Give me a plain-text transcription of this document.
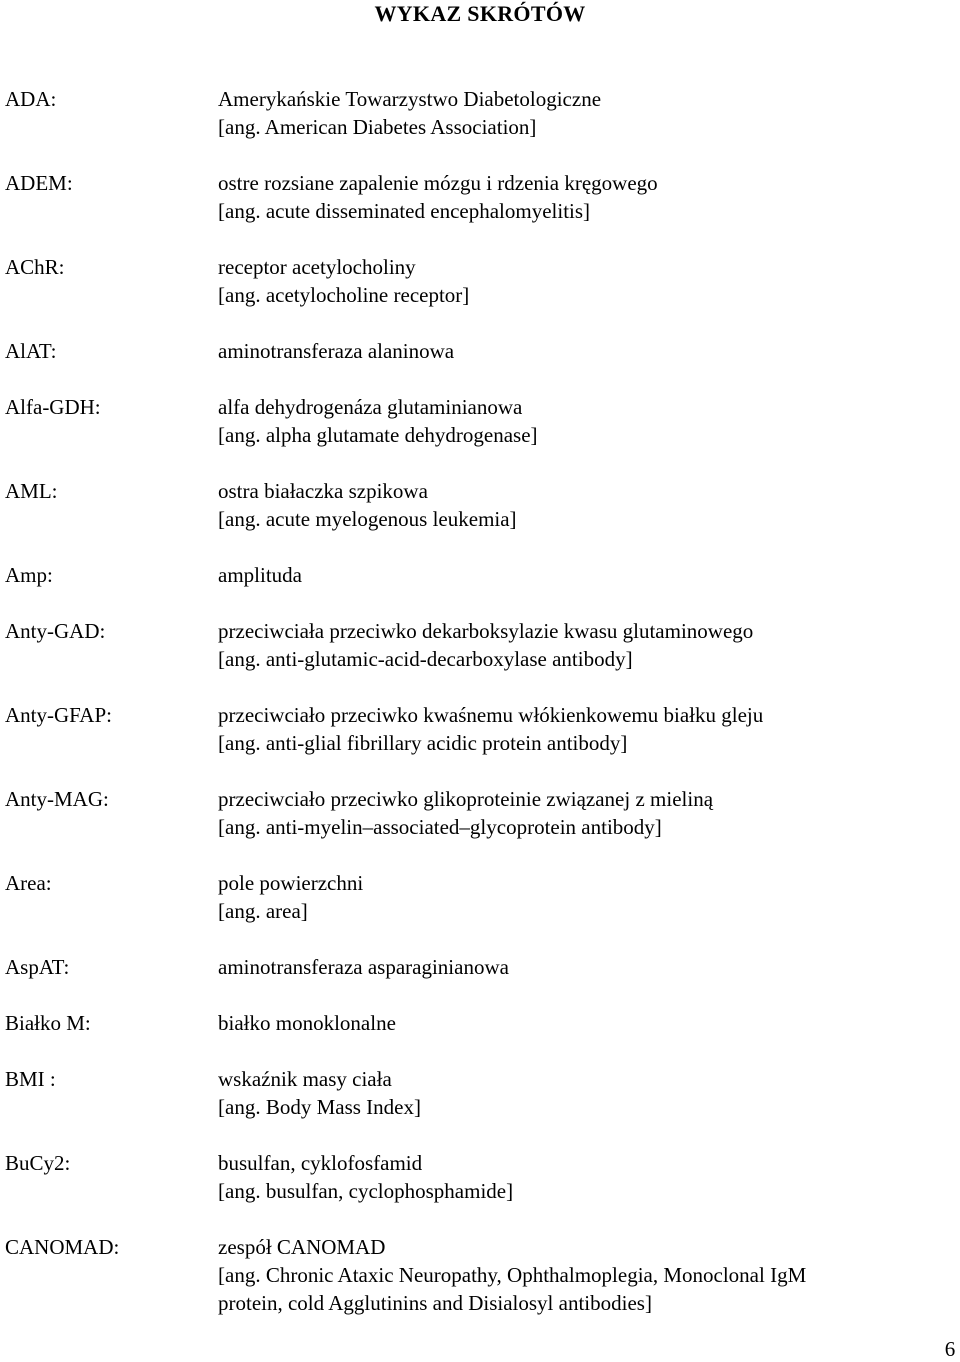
WYKAZ SKRÓTÓW
ADA:	Amerykańskie Towarzystwo Diabetologiczne
[ang. American Diabetes Association]
ADEM:	ostre rozsiane zapalenie mózgu i rdzenia kręgowego
[ang. acute disseminated encephalomyelitis]
AChR:	receptor acetylocholiny
[ang. acetylocholine receptor]
AlAT:	aminotransferaza alaninowa
Alfa-GDH:	alfa dehydrogenáza glutaminianowa
[ang. alpha glutamate dehydrogenase]
AML:	ostra białaczka szpikowa
[ang. acute myelogenous leukemia]
Amp:	amplituda
Anty-GAD:	przeciwciała przeciwko dekarboksylazie kwasu glutaminowego
[ang. anti-glutamic-acid-decarboxylase antibody]
Anty-GFAP:	przeciwciało przeciwko kwaśnemu włókienkowemu białku gleju
[ang. anti-glial fibrillary acidic protein antibody]
Anty-MAG:	przeciwciało przeciwko glikoproteinie związanej z mieliną
[ang. anti-myelin–associated–glycoprotein antibody]
Area:	pole powierzchni
[ang. area]
AspAT:	aminotransferaza asparaginianowa
Białko M:	białko monoklonalne
BMI :	wskaźnik masy ciała
[ang. Body Mass Index]
BuCy2:	busulfan, cyklofosfamid
[ang. busulfan, cyclophosphamide]
CANOMAD:	zespół CANOMAD
[ang. Chronic Ataxic Neuropathy, Ophthalmoplegia, Monoclonal IgM
protein, cold Agglutinins and Disialosyl antibodies]
6
